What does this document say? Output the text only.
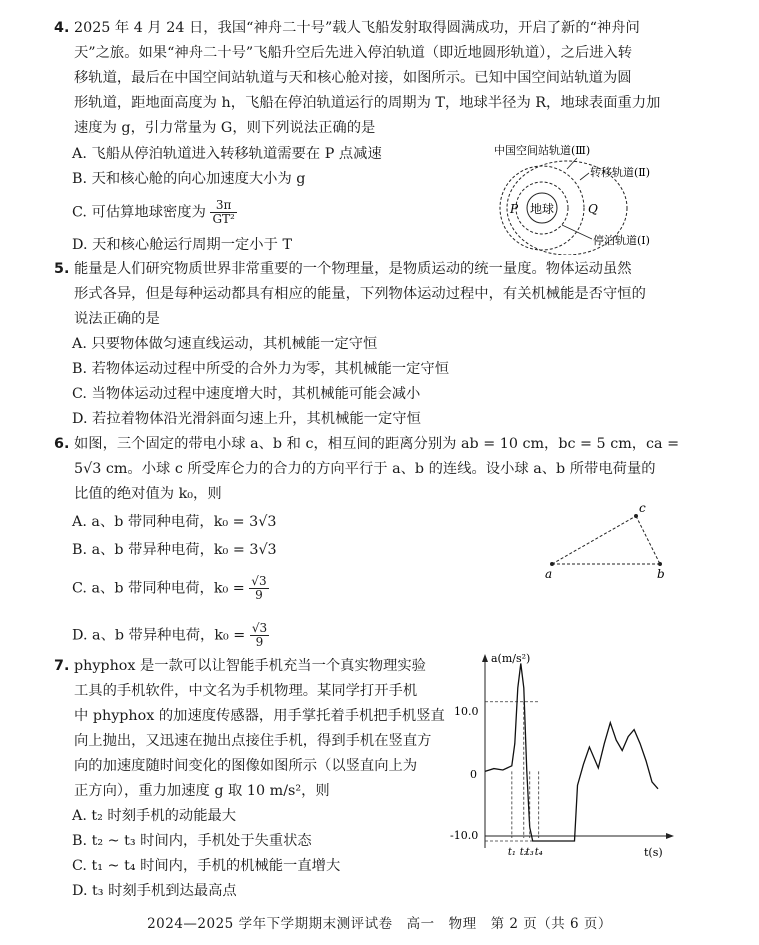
4. 2025 年 4 月 24 日，我国“神舟二十号”载人飞船发射取得圆满成功，开启了新的“神舟问
天”之旅。如果“神舟二十号”飞船升空后先进入停泊轨道（即近地圆形轨道），之后进入转
移轨道，最后在中国空间站轨道与天和核心舱对接，如图所示。已知中国空间站轨道为圆
形轨道，距地面高度为 h，飞船在停泊轨道运行的周期为 T，地球半径为 R，地球表面重力加
速度为 g，引力常量为 G，则下列说法正确的是
A. 飞船从停泊轨道进入转移轨道需要在 P 点减速
B. 天和核心舱的向心加速度大小为 g
C. 可估算地球密度为 $\frac{3\pi}{\text{GT²}}$
D. 天和核心舱运行周期一定小于 T
地球
P	Q
中国空间站轨道(Ⅲ)
转移轨道(Ⅱ)
停泊轨道(Ⅰ)
5. 能量是人们研究物质世界非常重要的一个物理量，是物质运动的统一量度。物体运动虽然
形式各异，但是每种运动都具有相应的能量，下列物体运动过程中，有关机械能是否守恒的
说法正确的是
A. 只要物体做匀速直线运动，其机械能一定守恒
B. 若物体运动过程中所受的合外力为零，其机械能一定守恒
C. 当物体运动过程中速度增大时，其机械能可能会减小
D. 若拉着物体沿光滑斜面匀速上升，其机械能一定守恒
6. 如图，三个固定的带电小球 a、b 和 c，相互间的距离分别为 ab = 10 cm，bc = 5 cm，ca =
5√3 cm。小球 c 所受库仑力的合力的方向平行于 a、b 的连线。设小球 a、b 所带电荷量的
比值的绝对值为 k₀，则
A. a、b 带同种电荷，k₀ = 3√3
B. a、b 带异种电荷，k₀ = 3√3
C. a、b 带同种电荷，$k_0 = \frac{√3}{9}$
D. a、b 带异种电荷，$k_0 = \frac{√3}{9}$
a	b
c
7. phyphox 是一款可以让智能手机充当一个真实物理实验
工具的手机软件，中文名为手机物理。某同学打开手机
中 phyphox 的加速度传感器，用手掌托着手机把手机竖直
向上抛出，又迅速在抛出点接住手机，得到手机在竖直方
向的加速度随时间变化的图像如图所示（以竖直向上为
正方向），重力加速度 g 取 10 m/s²，则
A. t₂ 时刻手机的动能最大
B. t₂ ~ t₃ 时间内，手机处于失重状态
C. t₁ ~ t₄ 时间内，手机的机械能一直增大
D. t₃ 时刻手机到达最高点
a(m/s²)
t(s)
10.0
0
-10.0
t₁ t₂
t₃ t₄
2024—2025 学年下学期期末测评试卷　高一　物理　第 2 页（共 6 页）
